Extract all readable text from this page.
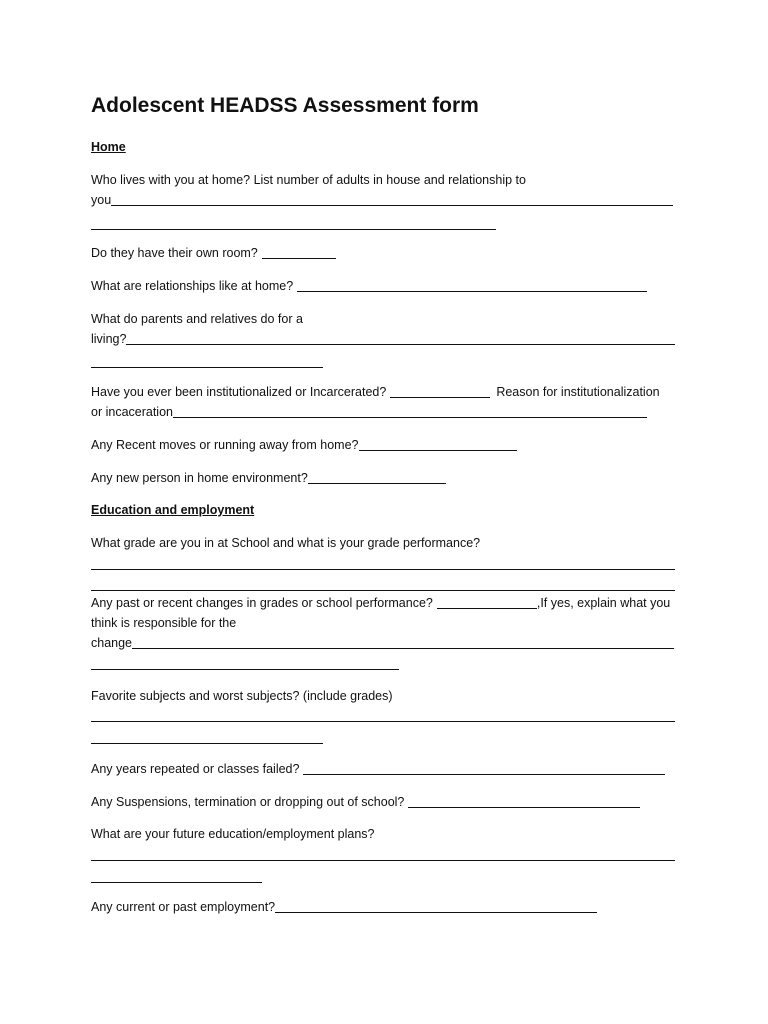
Adolescent HEADSS Assessment form
Home
Who lives with you at home? List number of adults in house and relationship to
you
Do they have their own room?
What are relationships like at home?
What do parents and relatives do for a
living?
Have you ever been institutionalized or Incarcerated?	Reason for institutionalization
or incaceration
Any Recent moves or running away from home?
Any new person in home environment?
Education and employment
What grade are you in at School and what is your grade performance?
Any past or recent changes in grades or school performance?	,If yes, explain what you
think is responsible for the
change
Favorite subjects and worst subjects? (include grades)
Any years repeated or classes failed?
Any Suspensions, termination or dropping out of school?
What are your future education/employment plans?
Any current or past employment?
